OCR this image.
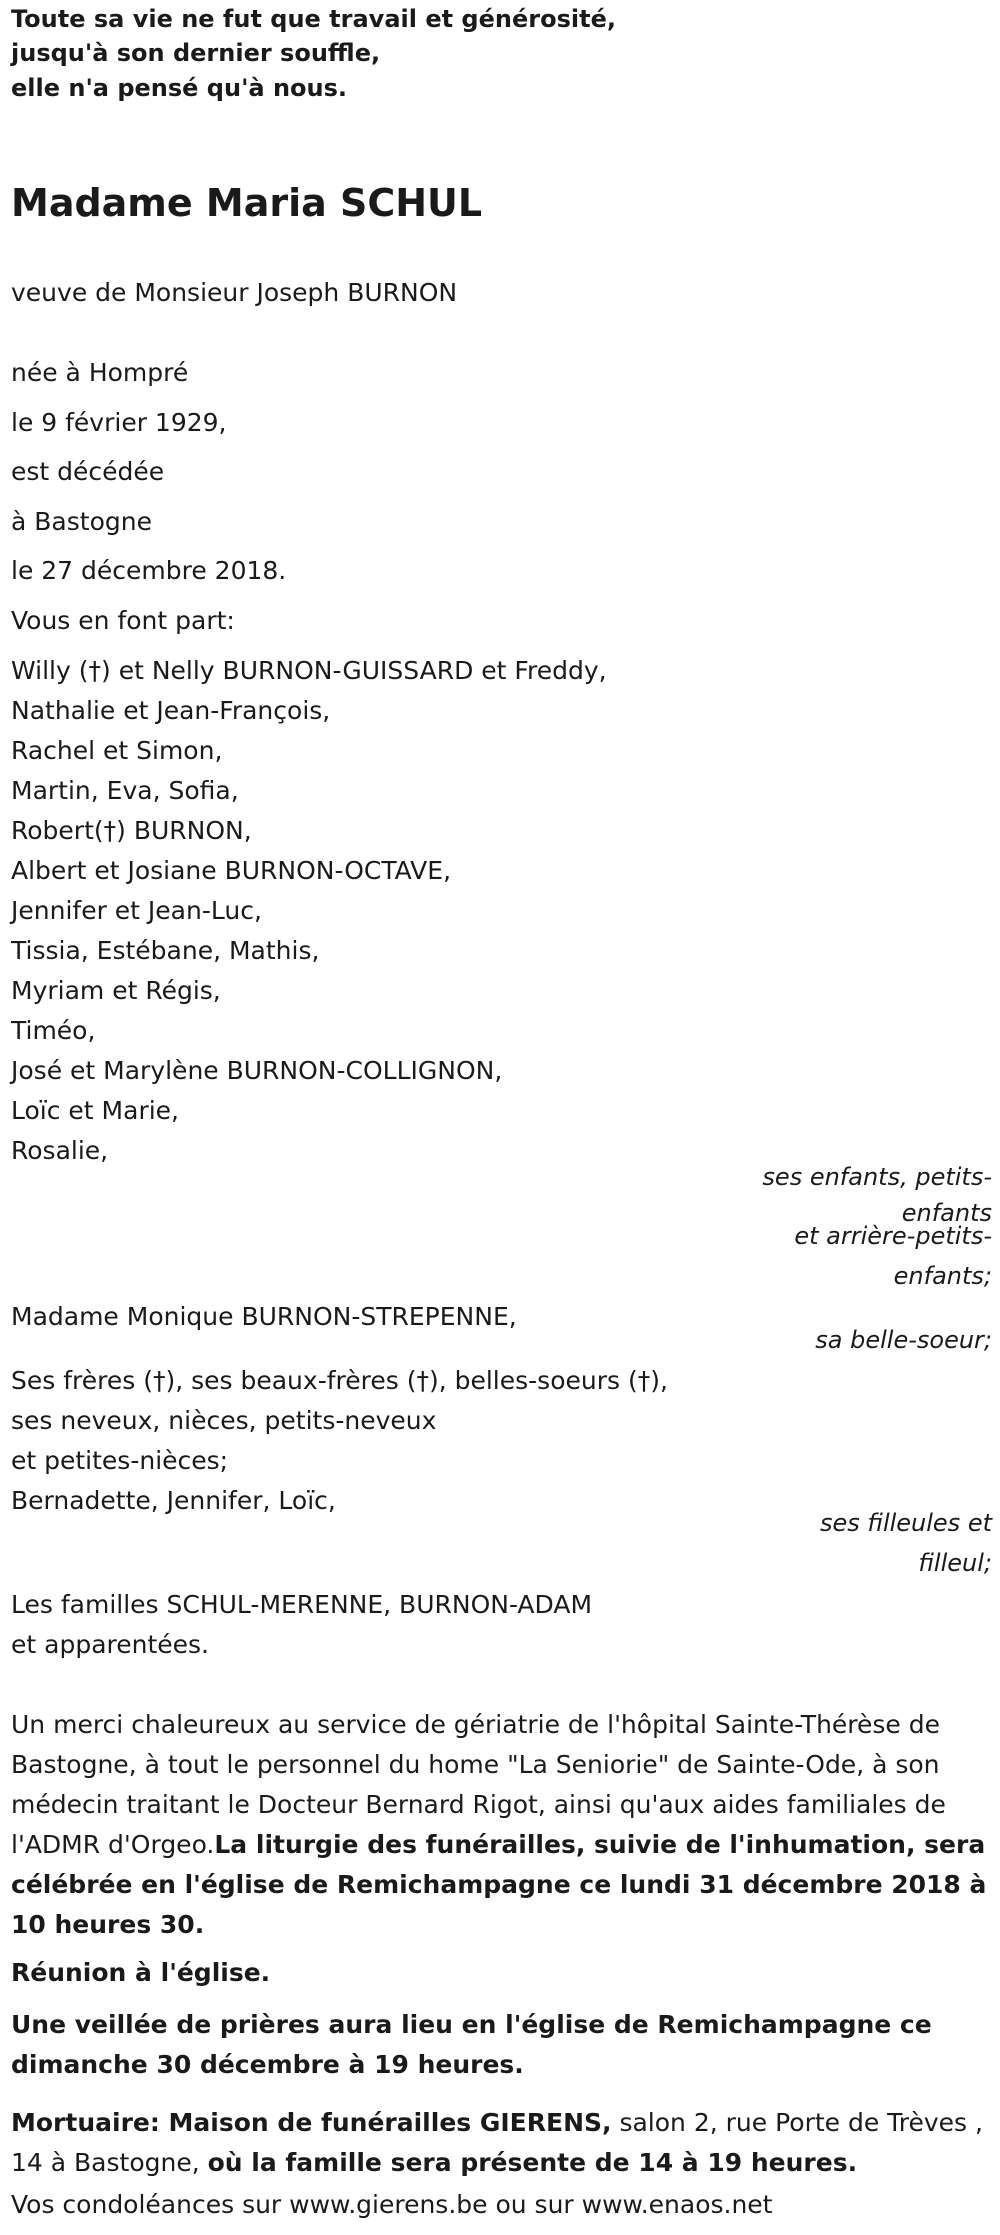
Toute sa vie ne fut que travail et générosité,
jusqu'à son dernier souffle,
elle n'a pensé qu'à nous.
Madame Maria SCHUL
veuve de Monsieur Joseph BURNON
née à Hompré
le 9 février 1929,
est décédée
à Bastogne
le 27 décembre 2018.
Vous en font part:
Willy (†) et Nelly BURNON-GUISSARD et Freddy,
Nathalie et Jean-François,
Rachel et Simon,
Martin, Eva, Sofia,
Robert(†) BURNON,
Albert et Josiane BURNON-OCTAVE,
Jennifer et Jean-Luc,
Tissia, Estébane, Mathis,
Myriam et Régis,
Timéo,
José et Marylène BURNON-COLLIGNON,
Loïc et Marie,
Rosalie,
ses enfants, petits-
enfants
et arrière-petits-
enfants;
Madame Monique BURNON-STREPENNE,
sa belle-soeur;
Ses frères (†), ses beaux-frères (†), belles-soeurs (†),
ses neveux, nièces, petits-neveux
et petites-nièces;
Bernadette, Jennifer, Loïc,
ses filleules et
filleul;
Les familles SCHUL-MERENNE, BURNON-ADAM
et apparentées.
Un merci chaleureux au service de gériatrie de l'hôpital Sainte-Thérèse de Bastogne, à tout le personnel du home "La Seniorie" de Sainte-Ode, à son médecin traitant le Docteur Bernard Rigot, ainsi qu'aux aides familiales de l'ADMR d'Orgeo.La liturgie des funérailles, suivie de l'inhumation, sera célébrée en l'église de Remichampagne ce lundi 31 décembre 2018 à 10 heures 30.
Réunion à l'église.
Une veillée de prières aura lieu en l'église de Remichampagne ce dimanche 30 décembre à 19 heures.
Mortuaire: Maison de funérailles GIERENS, salon 2, rue Porte de Trèves , 14 à Bastogne, où la famille sera présente de 14 à 19 heures.
Vos condoléances sur www.gierens.be ou sur www.enaos.net
